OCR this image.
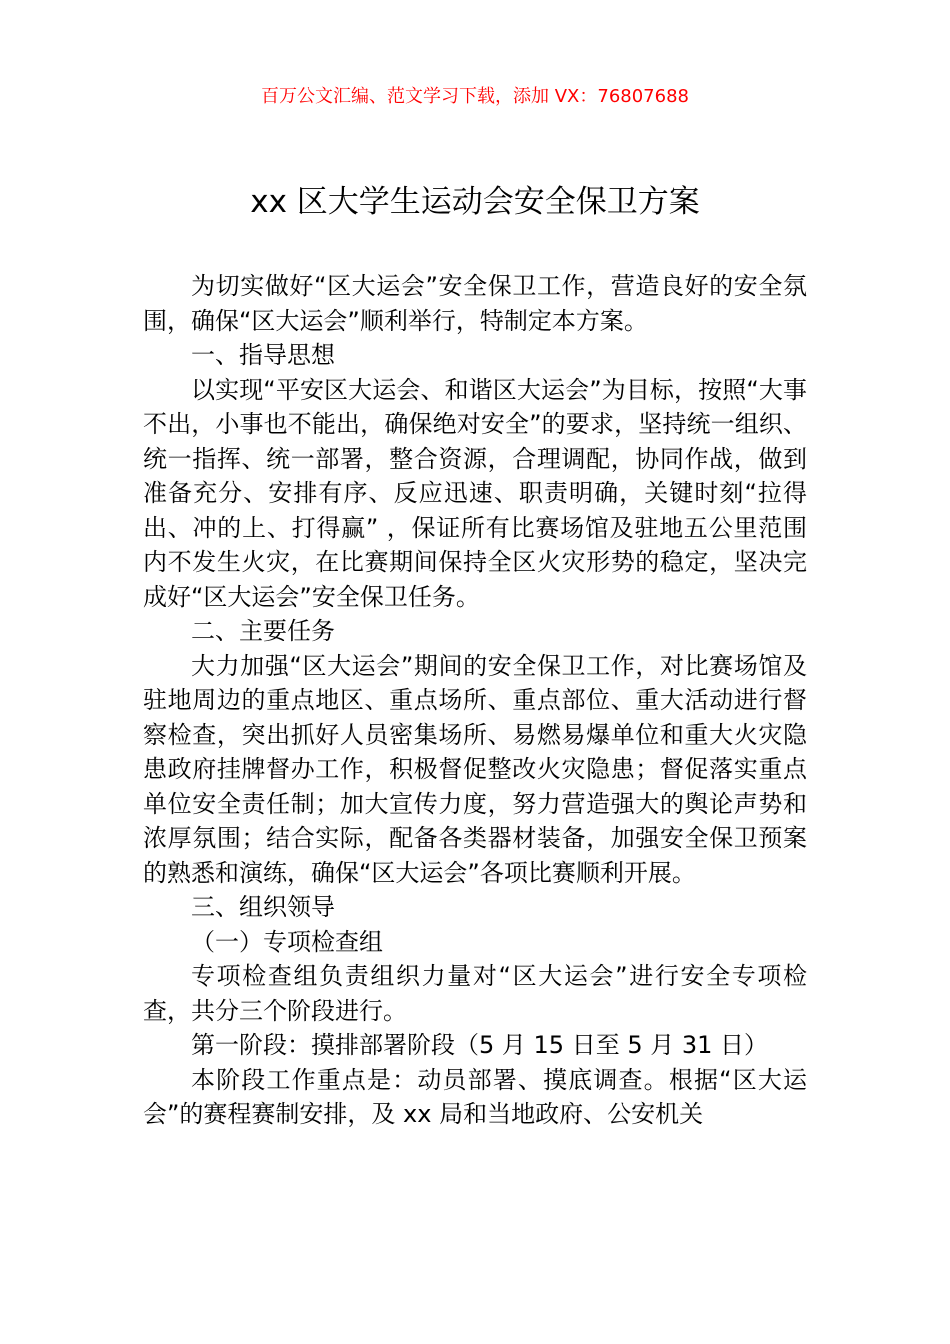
百万公文汇编、范文学习下载，添加 VX：76807688
xx 区大学生运动会安全保卫方案

为切实做好“区大运会”安全保卫工作，营造良好的安全氛围，确保“区大运会”顺利举行，特制定本方案。

一、指导思想

以实现“平安区大运会、和谐区大运会”为目标，按照“大事不出，小事也不能出，确保绝对安全”的要求，坚持统一组织、统一指挥、统一部署，整合资源，合理调配，协同作战，做到准备充分、安排有序、反应迅速、职责明确，关键时刻“拉得出、冲的上、打得赢” ，保证所有比赛场馆及驻地五公里范围内不发生火灾，在比赛期间保持全区火灾形势的稳定，坚决完成好“区大运会”安全保卫任务。

二、主要任务

大力加强“区大运会”期间的安全保卫工作，对比赛场馆及驻地周边的重点地区、重点场所、重点部位、重大活动进行督察检查，突出抓好人员密集场所、易燃易爆单位和重大火灾隐患政府挂牌督办工作，积极督促整改火灾隐患；督促落实重点单位安全责任制；加大宣传力度，努力营造强大的舆论声势和浓厚氛围；结合实际，配备各类器材装备，加强安全保卫预案的熟悉和演练，确保“区大运会”各项比赛顺利开展。

三、组织领导

（一）专项检查组

专项检查组负责组织力量对“区大运会”进行安全专项检查，共分三个阶段进行。

第一阶段：摸排部署阶段（5 月 15 日至 5 月 31 日）

本阶段工作重点是：动员部署、摸底调查。根据“区大运会”的赛程赛制安排，及 xx 局和当地政府、公安机关
